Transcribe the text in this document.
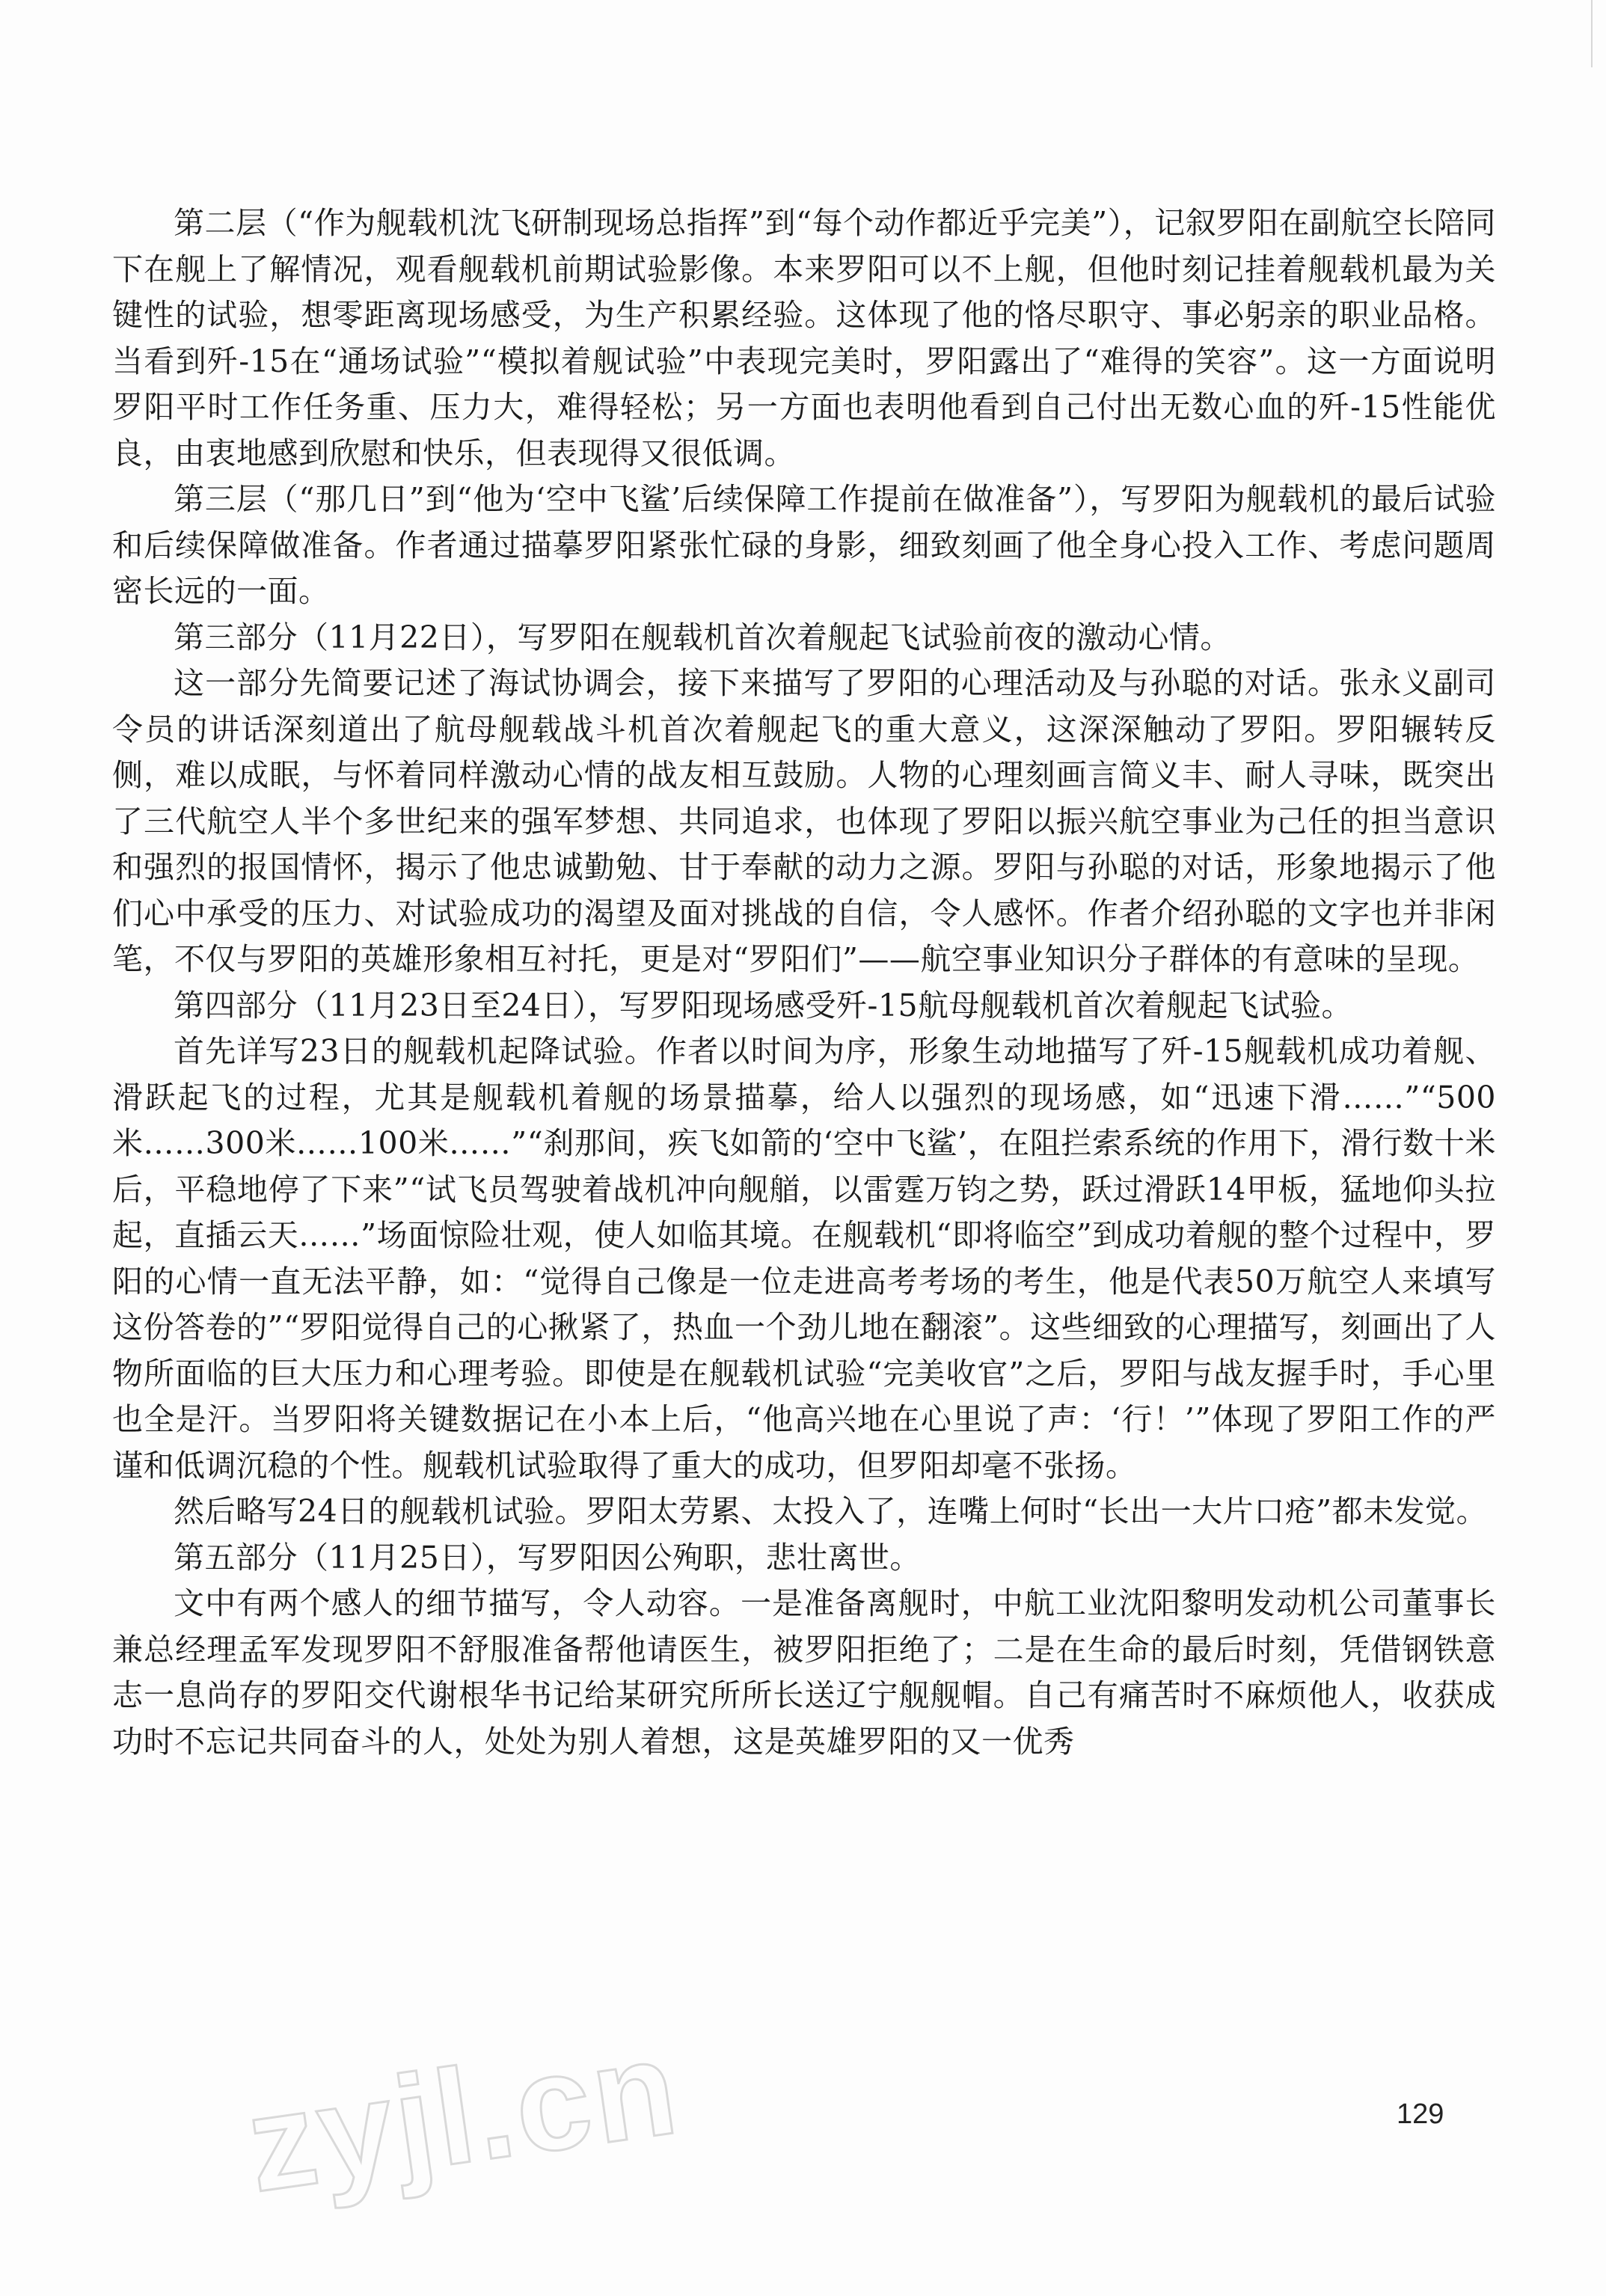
第二层（“作为舰载机沈飞研制现场总指挥”到“每个动作都近乎完美”），记叙罗阳在副航空长陪同下在舰上了解情况，观看舰载机前期试验影像。本来罗阳可以不上舰，但他时刻记挂着舰载机最为关键性的试验，想零距离现场感受，为生产积累经验。这体现了他的恪尽职守、事必躬亲的职业品格。当看到歼-15在“通场试验”“模拟着舰试验”中表现完美时，罗阳露出了“难得的笑容”。这一方面说明罗阳平时工作任务重、压力大，难得轻松；另一方面也表明他看到自己付出无数心血的歼-15性能优良，由衷地感到欣慰和快乐，但表现得又很低调。

第三层（“那几日”到“他为‘空中飞鲨’后续保障工作提前在做准备”），写罗阳为舰载机的最后试验和后续保障做准备。作者通过描摹罗阳紧张忙碌的身影，细致刻画了他全身心投入工作、考虑问题周密长远的一面。

第三部分（11月22日），写罗阳在舰载机首次着舰起飞试验前夜的激动心情。

这一部分先简要记述了海试协调会，接下来描写了罗阳的心理活动及与孙聪的对话。张永义副司令员的讲话深刻道出了航母舰载战斗机首次着舰起飞的重大意义，这深深触动了罗阳。罗阳辗转反侧，难以成眠，与怀着同样激动心情的战友相互鼓励。人物的心理刻画言简义丰、耐人寻味，既突出了三代航空人半个多世纪来的强军梦想、共同追求，也体现了罗阳以振兴航空事业为己任的担当意识和强烈的报国情怀，揭示了他忠诚勤勉、甘于奉献的动力之源。罗阳与孙聪的对话，形象地揭示了他们心中承受的压力、对试验成功的渴望及面对挑战的自信，令人感怀。作者介绍孙聪的文字也并非闲笔，不仅与罗阳的英雄形象相互衬托，更是对“罗阳们”——航空事业知识分子群体的有意味的呈现。

第四部分（11月23日至24日），写罗阳现场感受歼-15航母舰载机首次着舰起飞试验。

首先详写23日的舰载机起降试验。作者以时间为序，形象生动地描写了歼-15舰载机成功着舰、滑跃起飞的过程，尤其是舰载机着舰的场景描摹，给人以强烈的现场感，如“迅速下滑……”“500米……300米……100米……”“刹那间，疾飞如箭的‘空中飞鲨’，在阻拦索系统的作用下，滑行数十米后，平稳地停了下来”“试飞员驾驶着战机冲向舰艏，以雷霆万钧之势，跃过滑跃14甲板，猛地仰头拉起，直插云天……”场面惊险壮观，使人如临其境。在舰载机“即将临空”到成功着舰的整个过程中，罗阳的心情一直无法平静，如：“觉得自己像是一位走进高考考场的考生，他是代表50万航空人来填写这份答卷的”“罗阳觉得自己的心揪紧了，热血一个劲儿地在翻滚”。这些细致的心理描写，刻画出了人物所面临的巨大压力和心理考验。即使是在舰载机试验“完美收官”之后，罗阳与战友握手时，手心里也全是汗。当罗阳将关键数据记在小本上后，“他高兴地在心里说了声：‘行！’”体现了罗阳工作的严谨和低调沉稳的个性。舰载机试验取得了重大的成功，但罗阳却毫不张扬。

然后略写24日的舰载机试验。罗阳太劳累、太投入了，连嘴上何时“长出一大片口疮”都未发觉。

第五部分（11月25日），写罗阳因公殉职，悲壮离世。

文中有两个感人的细节描写，令人动容。一是准备离舰时，中航工业沈阳黎明发动机公司董事长兼总经理孟军发现罗阳不舒服准备帮他请医生，被罗阳拒绝了；二是在生命的最后时刻，凭借钢铁意志一息尚存的罗阳交代谢根华书记给某研究所所长送辽宁舰舰帽。自己有痛苦时不麻烦他人，收获成功时不忘记共同奋斗的人，处处为别人着想，这是英雄罗阳的又一优秀

zyjl.cn	129
